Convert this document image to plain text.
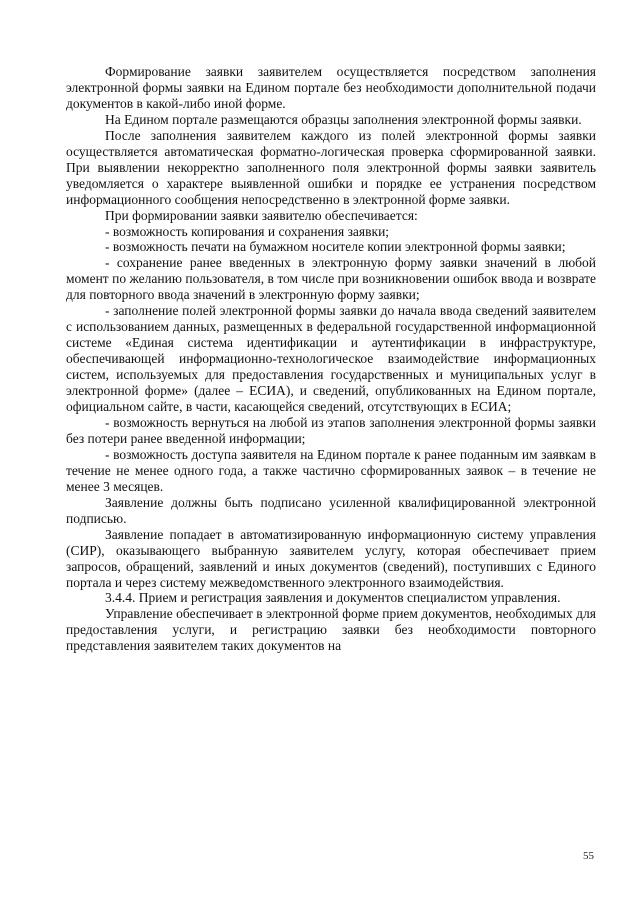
Формирование заявки заявителем осуществляется посредством заполнения электронной формы заявки на Едином портале без необходимости дополнительной подачи документов в какой-либо иной форме.

На Едином портале размещаются образцы заполнения электронной формы заявки.

После заполнения заявителем каждого из полей электронной формы заявки осуществляется автоматическая форматно-логическая проверка сформированной заявки. При выявлении некорректно заполненного поля электронной формы заявки заявитель уведомляется о характере выявленной ошибки и порядке ее устранения посредством информационного сообщения непосредственно в электронной форме заявки.

При формировании заявки заявителю обеспечивается:

- возможность копирования и сохранения заявки;

- возможность печати на бумажном носителе копии электронной формы заявки;

- сохранение ранее введенных в электронную форму заявки значений в любой момент по желанию пользователя, в том числе при возникновении ошибок ввода и возврате для повторного ввода значений в электронную форму заявки;

- заполнение полей электронной формы заявки до начала ввода сведений заявителем с использованием данных, размещенных в федеральной государственной информационной системе «Единая система идентификации и аутентификации в инфраструктуре, обеспечивающей информационно-технологическое взаимодействие информационных систем, используемых для предоставления государственных и муниципальных услуг в электронной форме» (далее – ЕСИА), и сведений, опубликованных на Едином портале, официальном сайте, в части, касающейся сведений, отсутствующих в ЕСИА;

- возможность вернуться на любой из этапов заполнения электронной формы заявки без потери ранее введенной информации;

- возможность доступа заявителя на Едином портале к ранее поданным им заявкам в течение не менее одного года, а также частично сформированных заявок – в течение не менее 3 месяцев.

Заявление должны быть подписано усиленной квалифицированной электронной подписью.

Заявление попадает в автоматизированную информационную систему управления (СИР), оказывающего выбранную заявителем услугу, которая обеспечивает прием запросов, обращений, заявлений и иных документов (сведений), поступивших с Единого портала и через систему межведомственного электронного взаимодействия.

3.4.4. Прием и регистрация заявления и документов специалистом управления.

Управление обеспечивает в электронной форме прием документов, необходимых для предоставления услуги, и регистрацию заявки без необходимости повторного представления заявителем таких документов на

55
